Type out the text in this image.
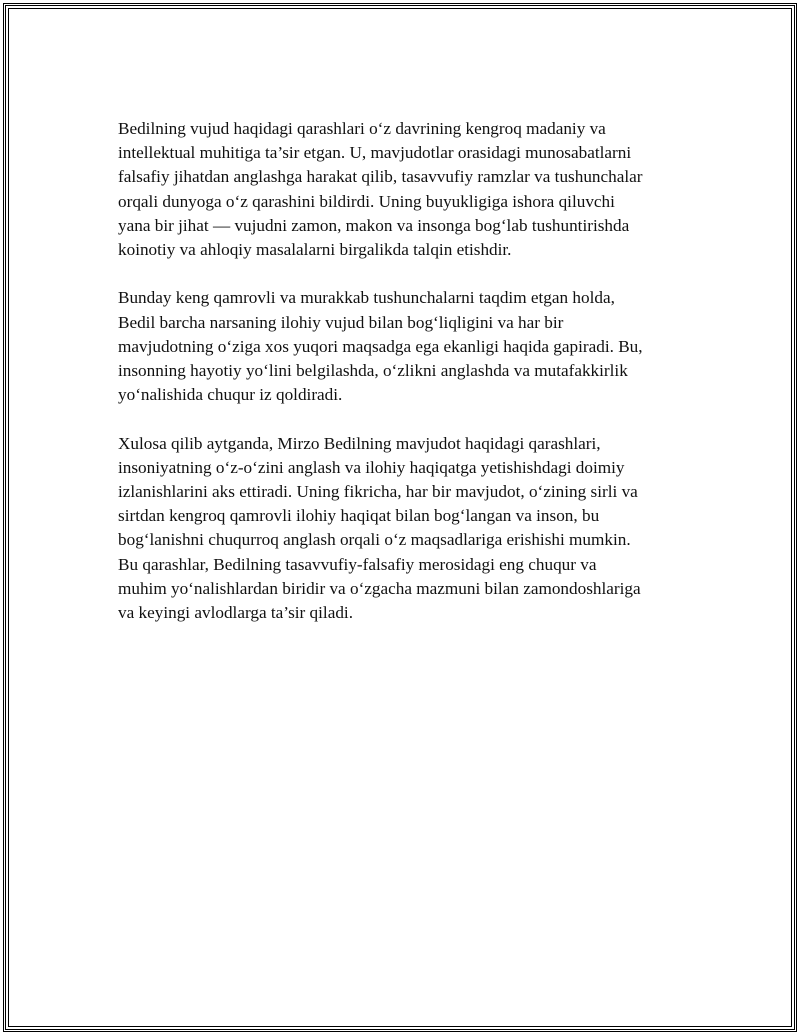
Bedilning vujud haqidagi qarashlari o‘z davrining kengroq madaniy va
intellektual muhitiga ta’sir etgan. U, mavjudotlar orasidagi munosabatlarni
falsafiy jihatdan anglashga harakat qilib, tasavvufiy ramzlar va tushunchalar
orqali dunyoga o‘z qarashini bildirdi. Uning buyukligiga ishora qiluvchi
yana bir jihat — vujudni zamon, makon va insonga bog‘lab tushuntirishda
koinotiy va ahloqiy masalalarni birgalikda talqin etishdir.

Bunday keng qamrovli va murakkab tushunchalarni taqdim etgan holda,
Bedil barcha narsaning ilohiy vujud bilan bog‘liqligini va har bir
mavjudotning o‘ziga xos yuqori maqsadga ega ekanligi haqida gapiradi. Bu,
insonning hayotiy yo‘lini belgilashda, o‘zlikni anglashda va mutafakkirlik
yo‘nalishida chuqur iz qoldiradi.

Xulosa qilib aytganda, Mirzo Bedilning mavjudot haqidagi qarashlari,
insoniyatning o‘z-o‘zini anglash va ilohiy haqiqatga yetishishdagi doimiy
izlanishlarini aks ettiradi. Uning fikricha, har bir mavjudot, o‘zining sirli va
sirtdan kengroq qamrovli ilohiy haqiqat bilan bog‘langan va inson, bu
bog‘lanishni chuqurroq anglash orqali o‘z maqsadlariga erishishi mumkin.
Bu qarashlar, Bedilning tasavvufiy-falsafiy merosidagi eng chuqur va
muhim yo‘nalishlardan biridir va o‘zgacha mazmuni bilan zamondoshlariga
va keyingi avlodlarga ta’sir qiladi.
